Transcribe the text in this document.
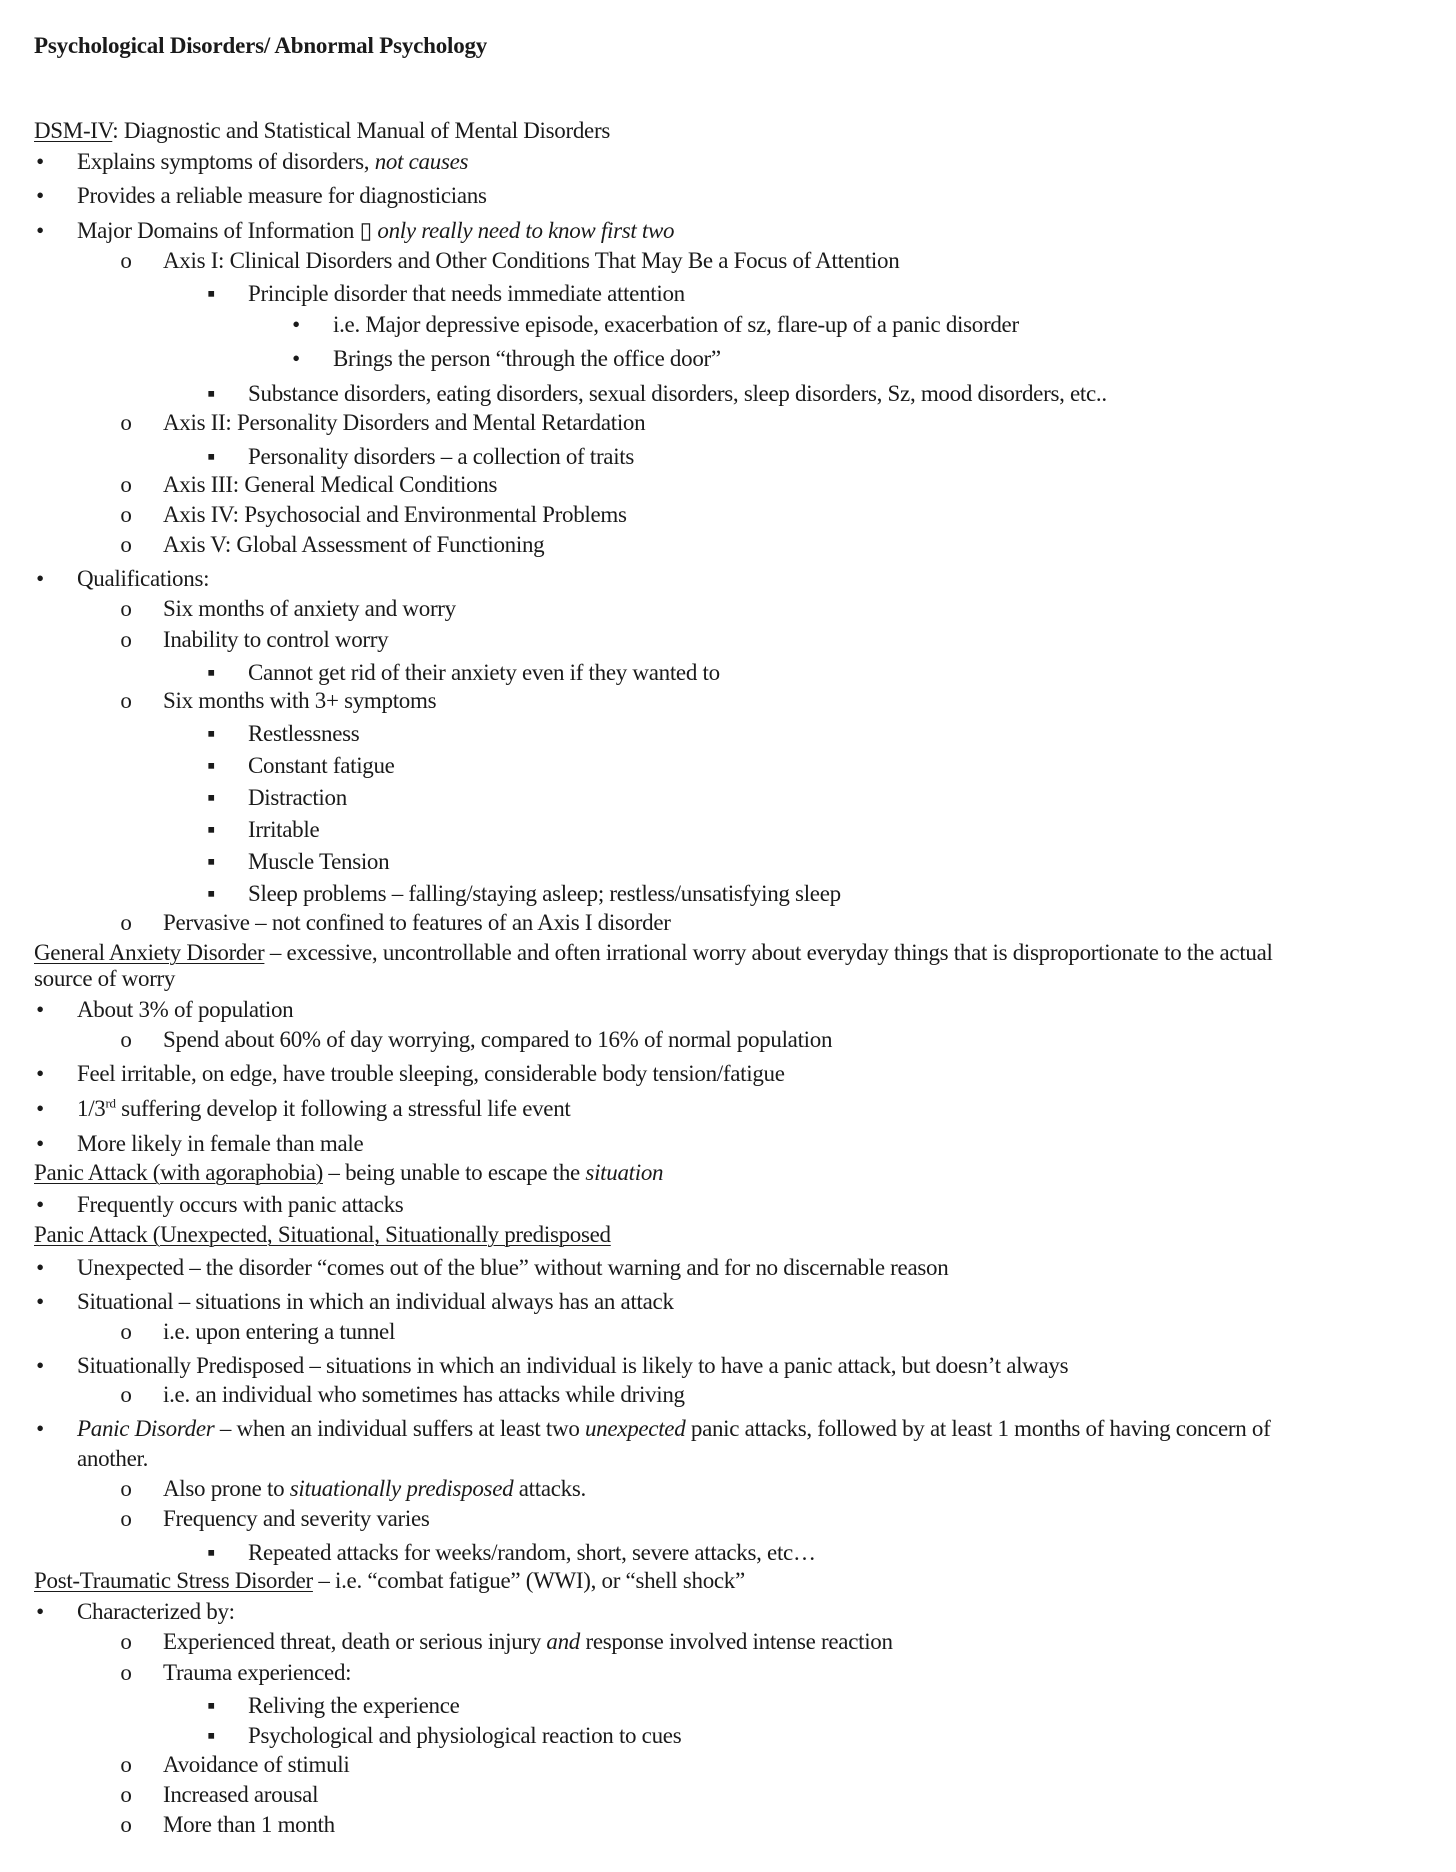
Psychological Disorders/ Abnormal Psychology
DSM-IV: Diagnostic and Statistical Manual of Mental Disorders
•	Explains symptoms of disorders, not causes
•	Provides a reliable measure for diagnosticians
•	Major Domains of Information ▯ only really need to know first two
o Axis I: Clinical Disorders and Other Conditions That May Be a Focus of Attention
▪	Principle disorder that needs immediate attention
•	i.e. Major depressive episode, exacerbation of sz, flare-up of a panic disorder
•	Brings the person “through the office door”
▪	Substance disorders, eating disorders, sexual disorders, sleep disorders, Sz, mood disorders, etc..
o Axis II: Personality Disorders and Mental Retardation
▪	Personality disorders – a collection of traits
o Axis III: General Medical Conditions
o Axis IV: Psychosocial and Environmental Problems
o Axis V: Global Assessment of Functioning
•	Qualifications:
o Six months of anxiety and worry
o Inability to control worry
▪	Cannot get rid of their anxiety even if they wanted to
o Six months with 3+ symptoms
▪	Restlessness
▪	Constant fatigue
▪	Distraction
▪	Irritable
▪	Muscle Tension
▪	Sleep problems – falling/staying asleep; restless/unsatisfying sleep
o Pervasive – not confined to features of an Axis I disorder
General Anxiety Disorder – excessive, uncontrollable and often irrational worry about everyday things that is disproportionate to the actual
source of worry
•	About 3% of population
o Spend about 60% of day worrying, compared to 16% of normal population
•	Feel irritable, on edge, have trouble sleeping, considerable body tension/fatigue
•	1/3rd suffering develop it following a stressful life event
•	More likely in female than male
Panic Attack (with agoraphobia) – being unable to escape the situation
•	Frequently occurs with panic attacks
Panic Attack (Unexpected, Situational, Situationally predisposed
•	Unexpected – the disorder “comes out of the blue” without warning and for no discernable reason
•	Situational – situations in which an individual always has an attack
o i.e. upon entering a tunnel
•	Situationally Predisposed – situations in which an individual is likely to have a panic attack, but doesn’t always
o i.e. an individual who sometimes has attacks while driving
•	Panic Disorder – when an individual suffers at least two unexpected panic attacks, followed by at least 1 months of having concern of
another.
o Also prone to situationally predisposed attacks.
o Frequency and severity varies
▪	Repeated attacks for weeks/random, short, severe attacks, etc…
Post-Traumatic Stress Disorder – i.e. “combat fatigue” (WWI), or “shell shock”
•	Characterized by:
o Experienced threat, death or serious injury and response involved intense reaction
o Trauma experienced:
▪	Reliving the experience
▪	Psychological and physiological reaction to cues
o Avoidance of stimuli
o Increased arousal
o More than 1 month
